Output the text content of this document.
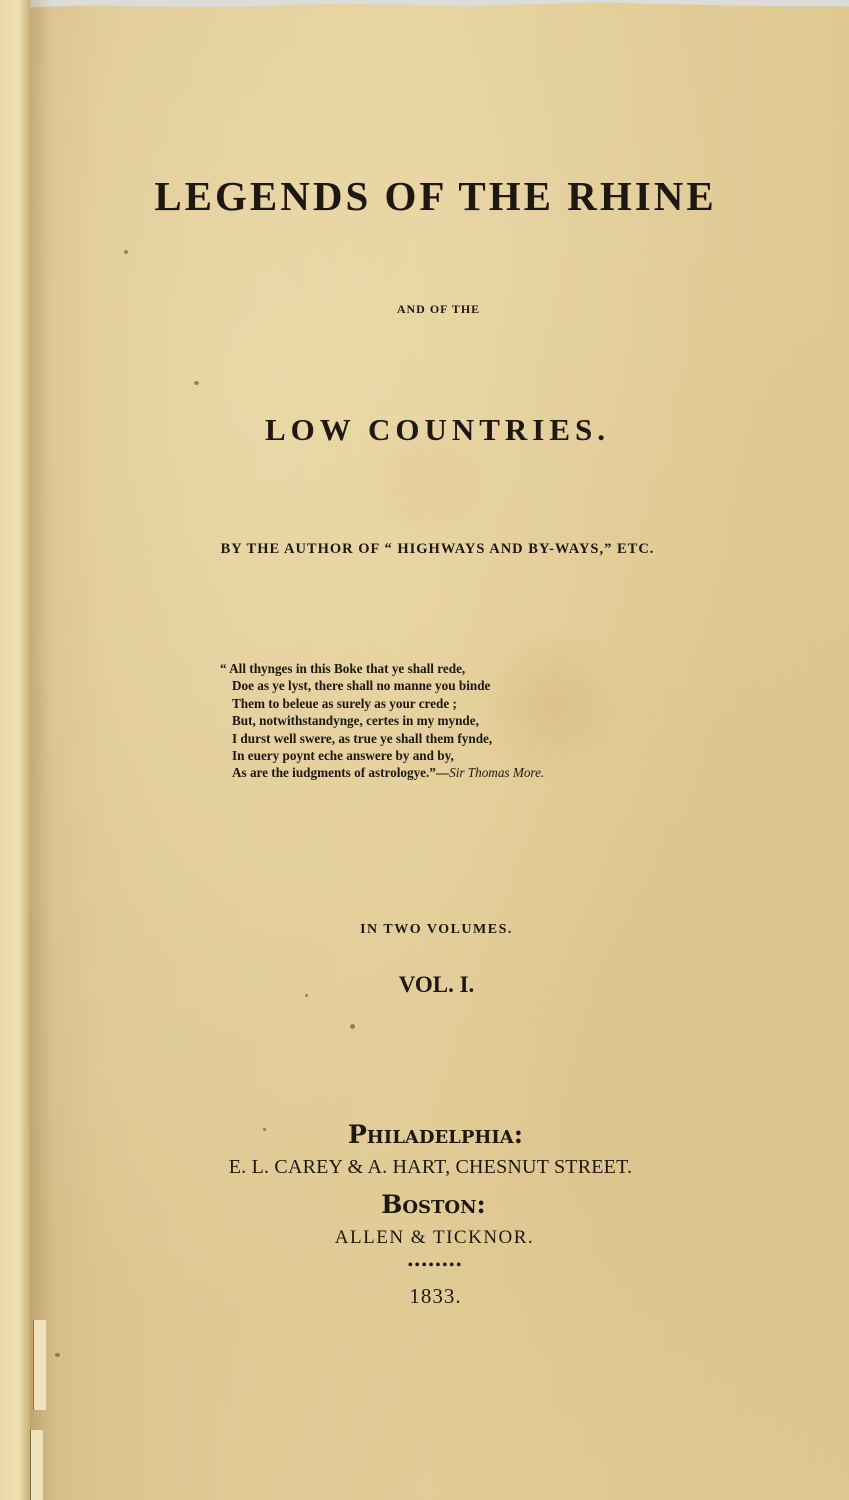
LEGENDS OF THE RHINE
AND OF THE
LOW COUNTRIES.
BY THE AUTHOR OF “ HIGHWAYS AND BY-WAYS,” ETC.
“ All thynges in this Boke that ye shall rede,
Doe as ye lyst, there shall no manne you binde
Them to beleue as surely as your crede ;
But, notwithstandynge, certes in my mynde,
I durst well swere, as true ye shall them fynde,
In euery poynt eche answere by and by,
As are the iudgments of astrologye.”—Sir Thomas More.
IN TWO VOLUMES.
VOL. I.
Philadelphia:
E. L. CAREY & A. HART, CHESNUT STREET.
Boston:
ALLEN & TICKNOR.
••••••••
1833.
